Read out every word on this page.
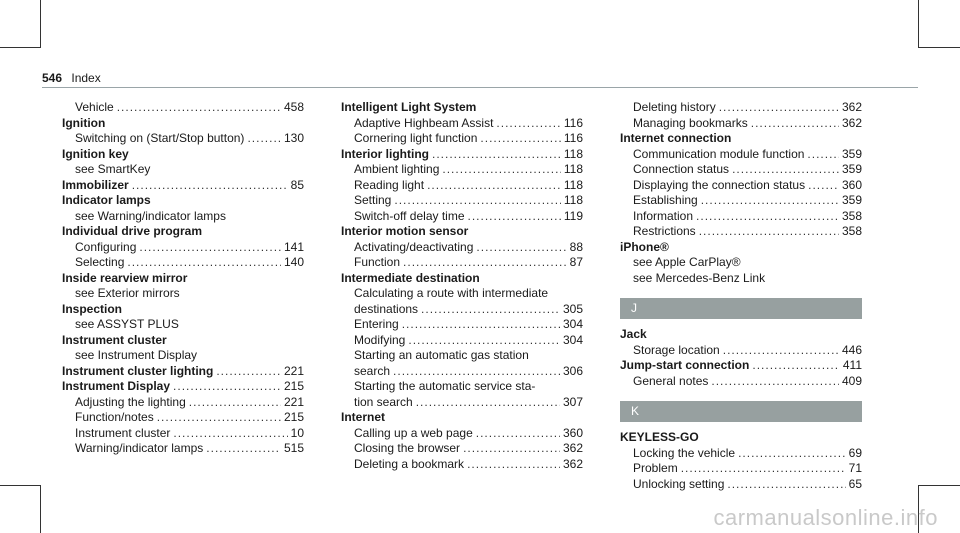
546 Index
Vehicle .....	458
Ignition
Switching on (Start/Stop button) .....	130
Ignition key
see SmartKey
Immobilizer .....	85
Indicator lamps
see Warning/indicator lamps
Individual drive program
Configuring .....	141
Selecting .....	140
Inside rearview mirror
see Exterior mirrors
Inspection
see ASSYST PLUS
Instrument cluster
see Instrument Display
Instrument cluster lighting .....	221
Instrument Display .....	215
Adjusting the lighting .....	221
Function/notes .....	215
Instrument cluster .....	10
Warning/indicator lamps .....	515
Intelligent Light System
Adaptive Highbeam Assist .....	116
Cornering light function .....	116
Interior lighting .....	118
Ambient lighting .....	118
Reading light .....	118
Setting .....	118
Switch-off delay time .....	119
Interior motion sensor
Activating/deactivating .....	88
Function .....	87
Intermediate destination
Calculating a route with intermediate
destinations .....	305
Entering .....	304
Modifying .....	304
Starting an automatic gas station
search .....	306
Starting the automatic service sta-
tion search .....	307
Internet
Calling up a web page .....	360
Closing the browser .....	362
Deleting a bookmark .....	362
Deleting history .....	362
Managing bookmarks .....	362
Internet connection
Communication module function .....	359
Connection status .....	359
Displaying the connection status .....	360
Establishing .....	359
Information .....	358
Restrictions .....	358
iPhone®
see Apple CarPlay®
see Mercedes-Benz Link
J
Jack
Storage location .....	446
Jump-start connection .....	411
General notes .....	409
K
KEYLESS-GO
Locking the vehicle .....	69
Problem .....	71
Unlocking setting .....	65
carmanualsonline.info
